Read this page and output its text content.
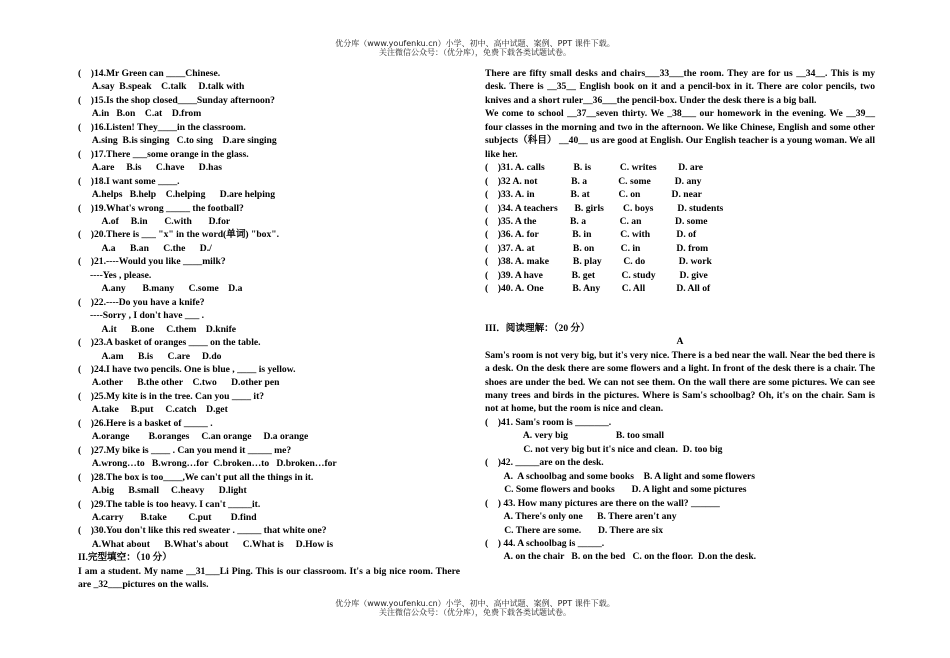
优分库（www.youfenku.cn）小学、初中、高中试题、案例、PPT 课件下载。
关注微信公众号：（优分库），免费下载各类试题试卷。
(    )14.Mr Green can ____Chinese.
A.say  B.speak    C.talk     D.talk with
(    )15.Is the shop closed____Sunday afternoon?
A.in   B.on    C.at    D.from
(    )16.Listen! They____in the classroom.
A.sing  B.is singing   C.to sing    D.are singing
(    )17.There ___some orange in the glass.
A.are     B.is      C.have      D.has
(    )18.I want some ____.
A.helps   B.help    C.helping      D.are helping
(    )19.What's wrong _____ the football?
A.of     B.in       C.with       D.for
(    )20.There is ___ "x" in the word(单词) "box".
A.a      B.an      C.the      D./
(    )21.----Would you like ____milk?
----Yes , please.
A.any       B.many      C.some    D.a
(    )22.----Do you have a knife?
----Sorry , I don't have ___ .
A.it      B.one     C.them    D.knife
(    )23.A basket of oranges ____ on the table.
A.am      B.is      C.are     D.do
(    )24.I have two pencils. One is blue , ____ is yellow.
A.other      B.the other    C.two      D.other pen
(    )25.My kite is in the tree. Can you ____ it?
A.take     B.put     C.catch    D.get
(    )26.Here is a basket of _____ .
A.orange        B.oranges     C.an orange     D.a orange
(    )27.My bike is ____ . Can you mend it _____ me?
A.wrong…to   B.wrong…for  C.broken…to   D.broken…for
(    )28.The box is too____,We can't put all the things in it.
A.big      B.small     C.heavy      D.light
(    )29.The table is too heavy. I can't _____it.
A.carry       B.take         C.put        D.find
(    )30.You don't like this red sweater . _____ that white one?
A.What about      B.What's about      C.What is     D.How is
II.完型填空：（10 分）

I am a student. My name __31___Li Ping. This is our classroom. It's a big nice room. There are _32___pictures on the walls.

There are fifty small desks and chairs___33___the room. They are for us __34__. This is my desk. There is __35__ English book on it and a pencil-box in it. There are color pencils, two knives and a short ruler__36___the pencil-box. Under the desk there is a big ball.

We come to school __37__seven thirty. We _38___ our homework in the evening. We __39__ four classes in the morning and two in the afternoon. We like Chinese, English and some other subjects（科目） __40__ us are good at English. Our English teacher is a young woman. We all like her.

(    )31. A. calls            B. is            C. writes         D. are
(    )32 A. not              B. a             C. some          D. any
(    )33. A. in               B. at            C. on             D. near
(    )34. A teachers       B. girls        C. boys          D. students
(    )35. A the              B. a              C. an              D. some
(    )36. A. for              B. in            C. with           D. of
(    )37. A. at                B. on           C. in               D. from
(    )38. A. make          B. play         C. do              D. work
(    )39. A have            B. get           C. study          D. give
(    )40. A. One            B. Any         C. All             D. All of
III．阅读理解：（20 分）
A

Sam's room is not very big, but it's very nice. There is a bed near the wall. Near the bed there is a desk. On the desk there are some flowers and a light. In front of the desk there is a chair. The shoes are under the bed. We can not see them. On the wall there are some pictures. We can see many trees and birds in the pictures. Where is Sam's schoolbag? Oh, it's on the chair. Sam is not at home, but the room is nice and clean.

(    )41. Sam's room is _______.
A. very big                    B. too small
C. not very big but it's nice and clean.  D. too big
(    )42. _____are on the desk.
A.  A schoolbag and some books    B. A light and some flowers
C. Some flowers and books       D. A light and some pictures
(    ) 43. How many pictures are there on the wall? ______
A. There's only one      B. There aren't any
C. There are some.       D. There are six
(    ) 44. A schoolbag is _____.
A. on the chair   B. on the bed   C. on the floor.  D.on the desk.
优分库（www.youfenku.cn）小学、初中、高中试题、案例、PPT 课件下载。
关注微信公众号：（优分库），免费下载各类试题试卷。
